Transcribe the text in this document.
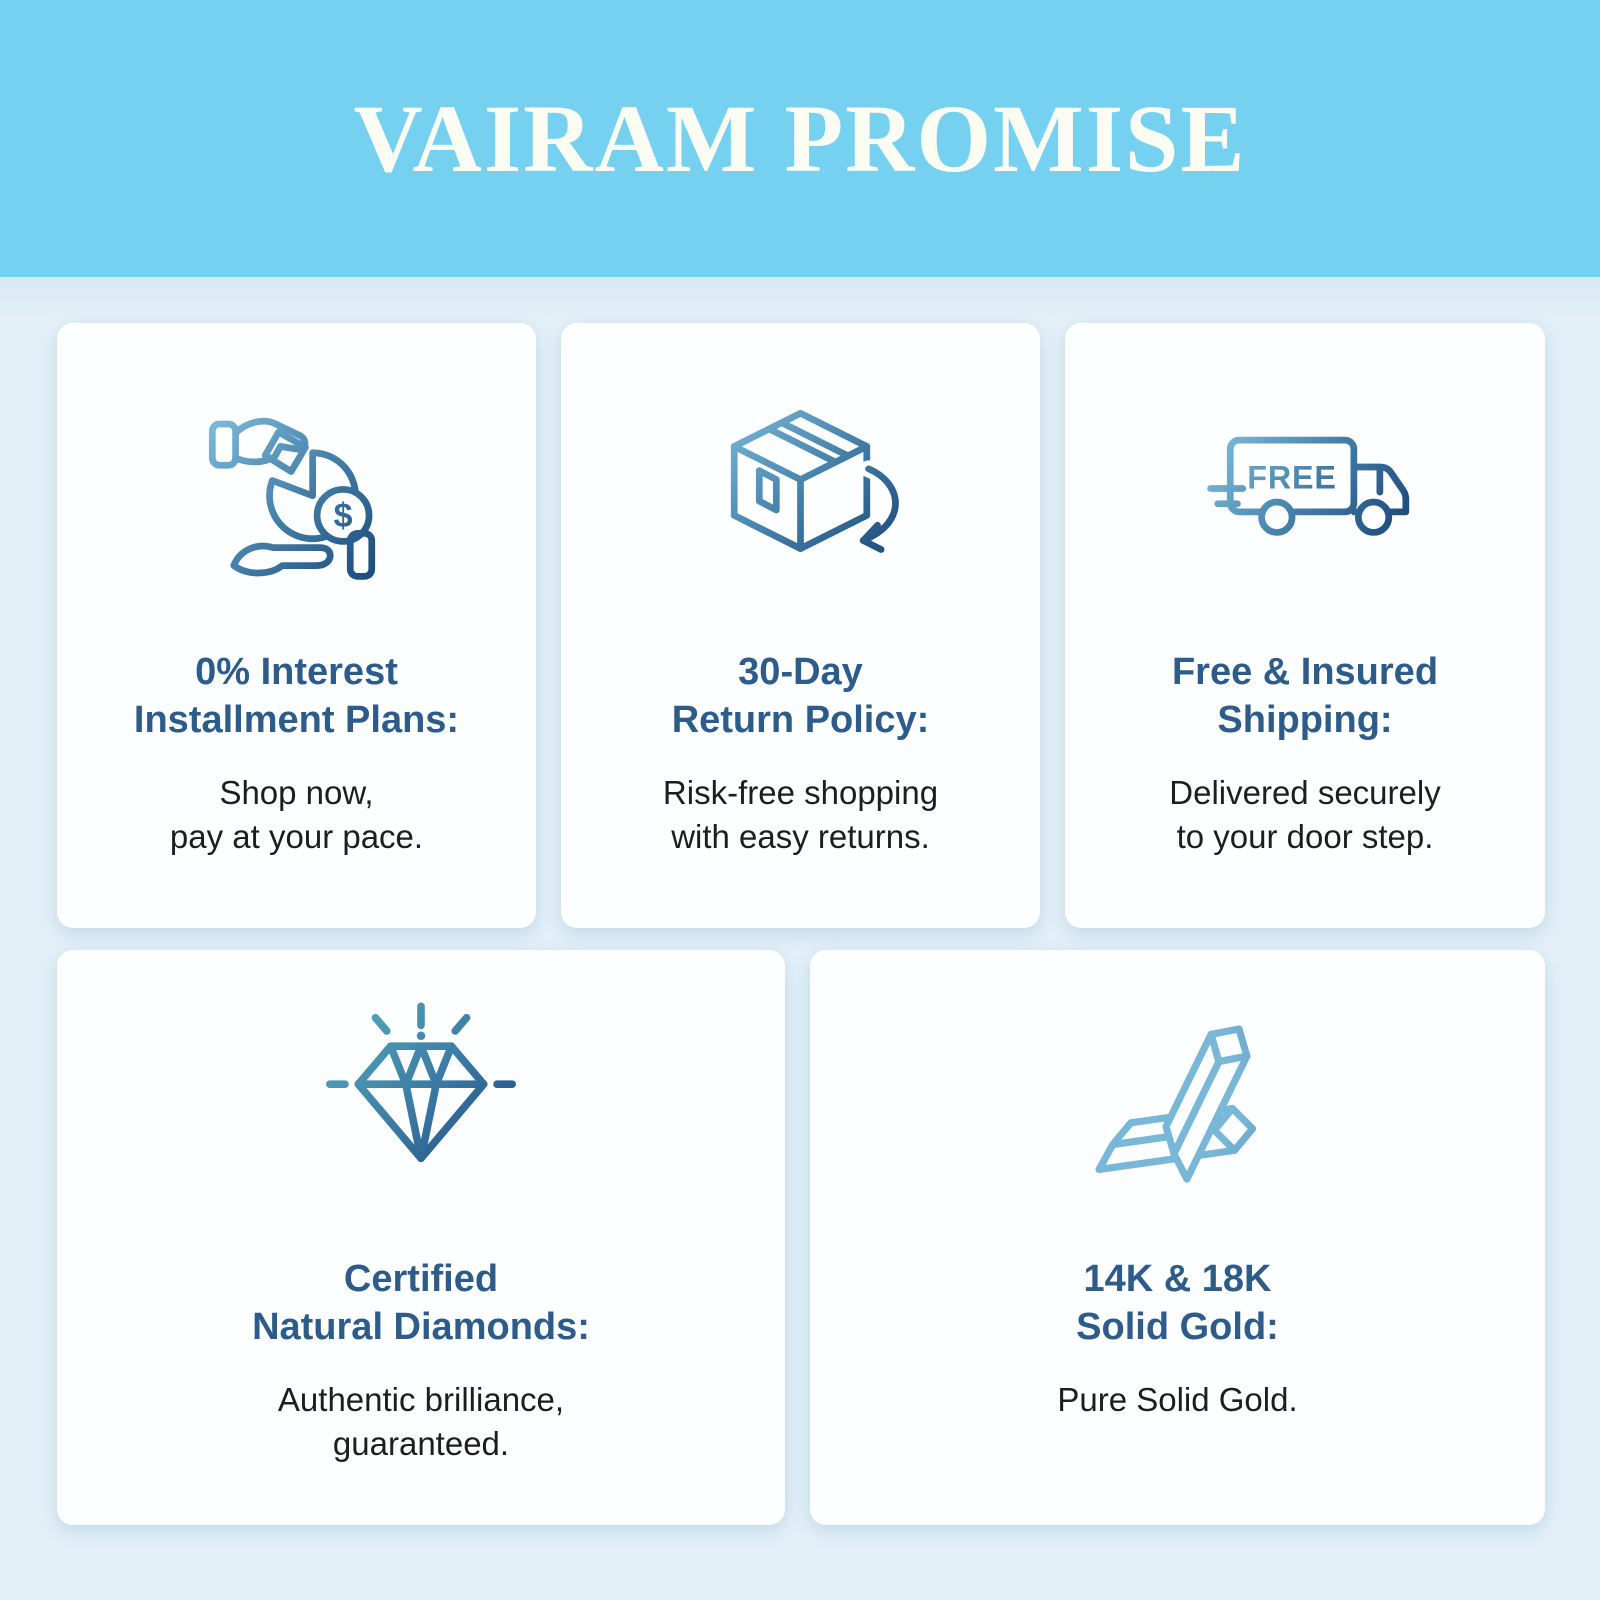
VAIRAM PROMISE
$
0% Interest
Installment Plans:

Shop now,
pay at your pace.

30-Day
Return Policy:

Risk-free shopping
with easy returns.

FREE
Free & Insured
Shipping:

Delivered securely
to your door step.

Certified
Natural Diamonds:

Authentic brilliance,
guaranteed.

14K & 18K
Solid Gold:

Pure Solid Gold.
